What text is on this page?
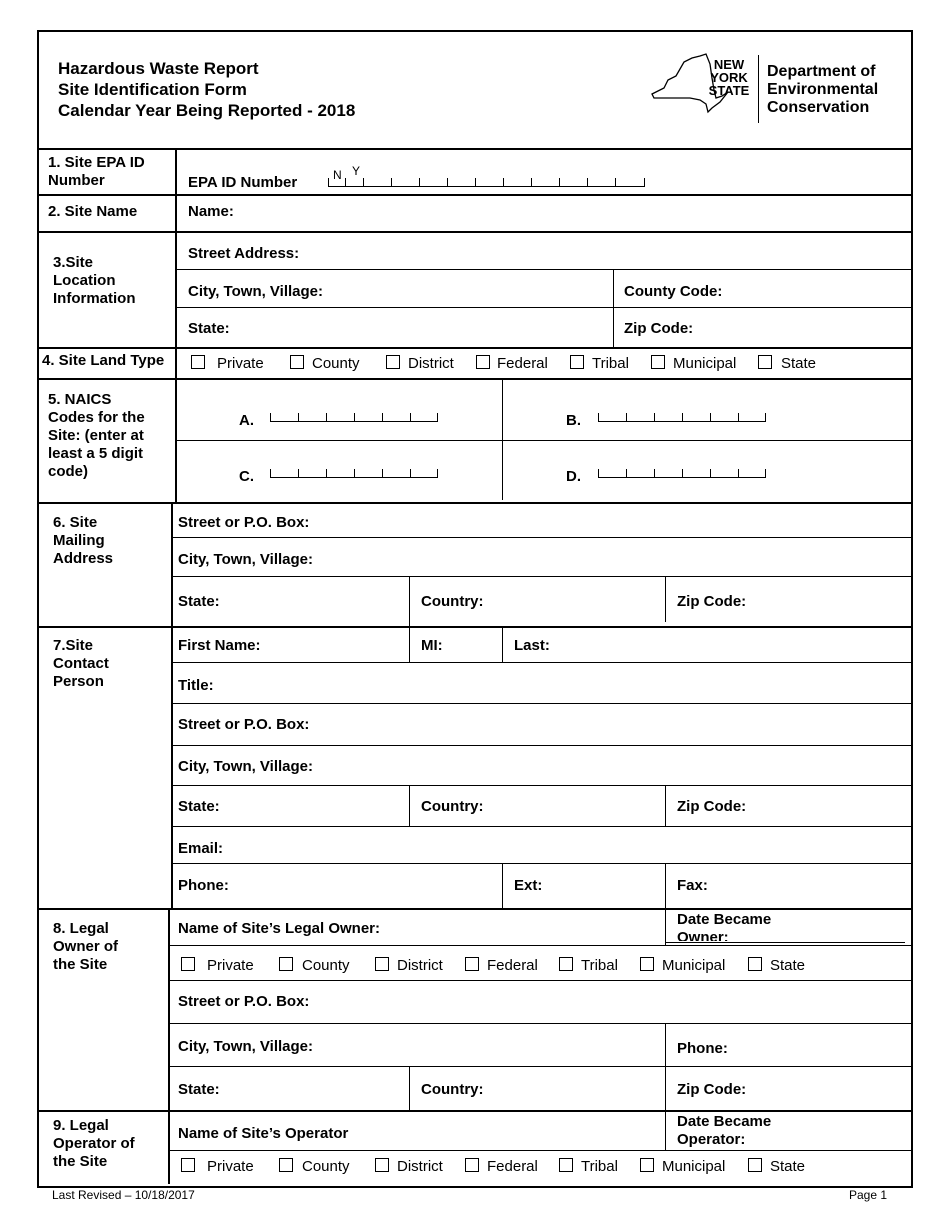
Hazardous Waste Report
Site Identification Form
Calendar Year Being Reported - 2018
NEW
YORK
STATE
Department of
Environmental
Conservation
1. Site EPA ID
Number	EPA ID Number	N Y
2. Site Name	Name:
3.Site
Location
Information
Street Address:
City, Town, Village:	County Code:
State:	Zip Code:
4. Site Land Type	Private	County	District	Federal	Tribal	Municipal	State
5. NAICS
Codes for the
Site: (enter at
least a 5 digit
code)
A.	B.
C.	D.
6. Site
Mailing
Address
Street or P.O. Box:
City, Town, Village:
State:	Country:	Zip Code:
7.Site
Contact
Person
First Name:	MI:	Last:
Title:
Street or P.O. Box:
City, Town, Village:
State:	Country:	Zip Code:
Email:
Phone:	Ext:	Fax:
8. Legal
Owner of
the Site
Name of Site’s Legal Owner:
Date Became
Owner:
Private	County	District	Federal	Tribal	Municipal	State
Street or P.O. Box:
City, Town, Village:	Phone:
State:	Country:	Zip Code:
9. Legal
Operator of
the Site
Name of Site’s Operator
Date Became
Operator:
Private	County	District	Federal	Tribal	Municipal	State
Last Revised – 10/18/2017	Page 1
